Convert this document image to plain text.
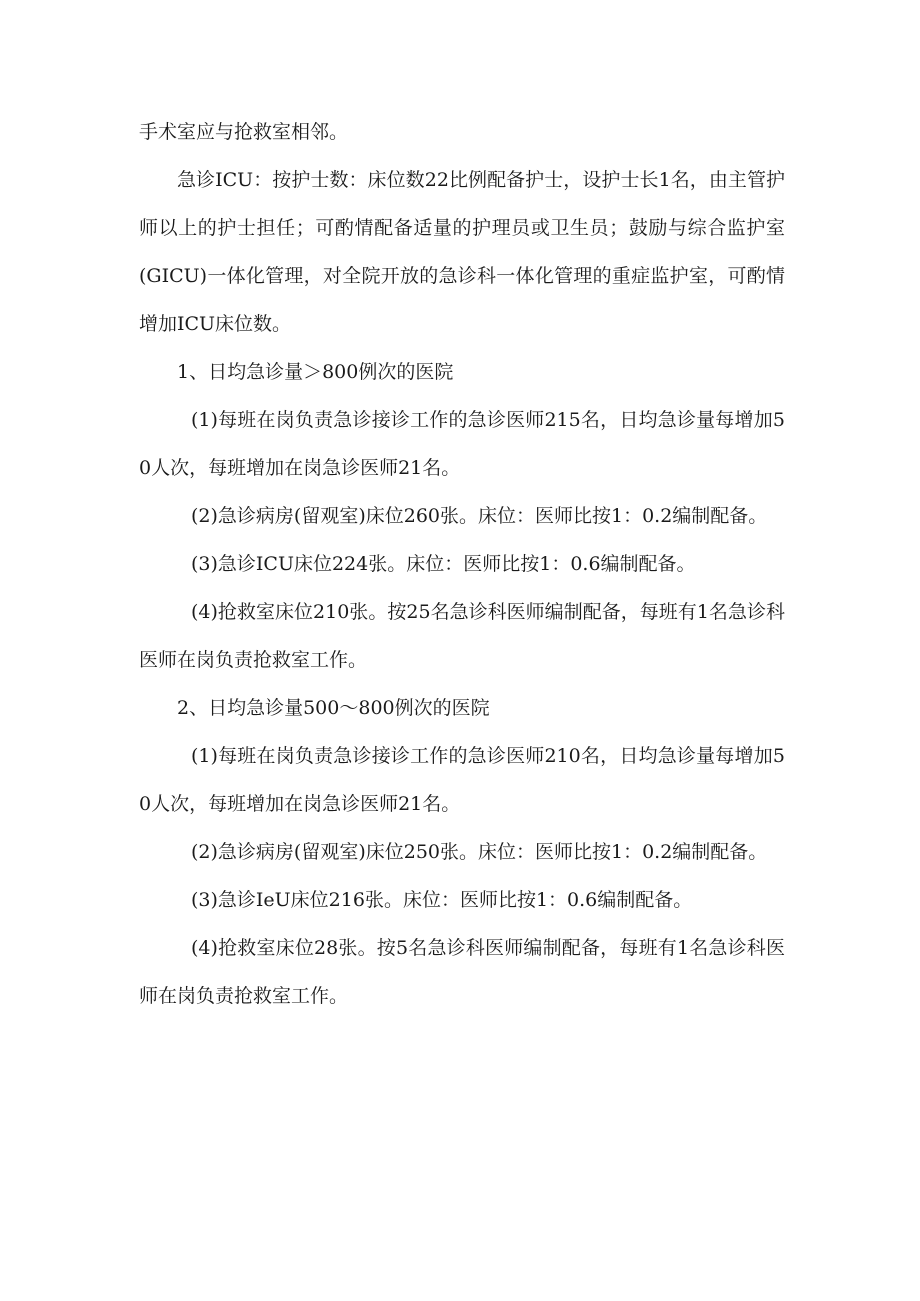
手术室应与抢救室相邻。

急诊ICU：按护士数：床位数22比例配备护士，设护士长1名，由主管护师以上的护士担任；可酌情配备适量的护理员或卫生员；鼓励与综合监护室(GICU)一体化管理，对全院开放的急诊科一体化管理的重症监护室，可酌情增加ICU床位数。

1、日均急诊量＞800例次的医院

(1)每班在岗负责急诊接诊工作的急诊医师215名，日均急诊量每增加50人次，每班增加在岗急诊医师21名。

(2)急诊病房(留观室)床位260张。床位：医师比按1：0.2编制配备。

(3)急诊ICU床位224张。床位：医师比按1：0.6编制配备。

(4)抢救室床位210张。按25名急诊科医师编制配备，每班有1名急诊科医师在岗负责抢救室工作。

2、日均急诊量500～800例次的医院

(1)每班在岗负责急诊接诊工作的急诊医师210名，日均急诊量每增加50人次，每班增加在岗急诊医师21名。

(2)急诊病房(留观室)床位250张。床位：医师比按1：0.2编制配备。

(3)急诊IeU床位216张。床位：医师比按1：0.6编制配备。

(4)抢救室床位28张。按5名急诊科医师编制配备，每班有1名急诊科医师在岗负责抢救室工作。
